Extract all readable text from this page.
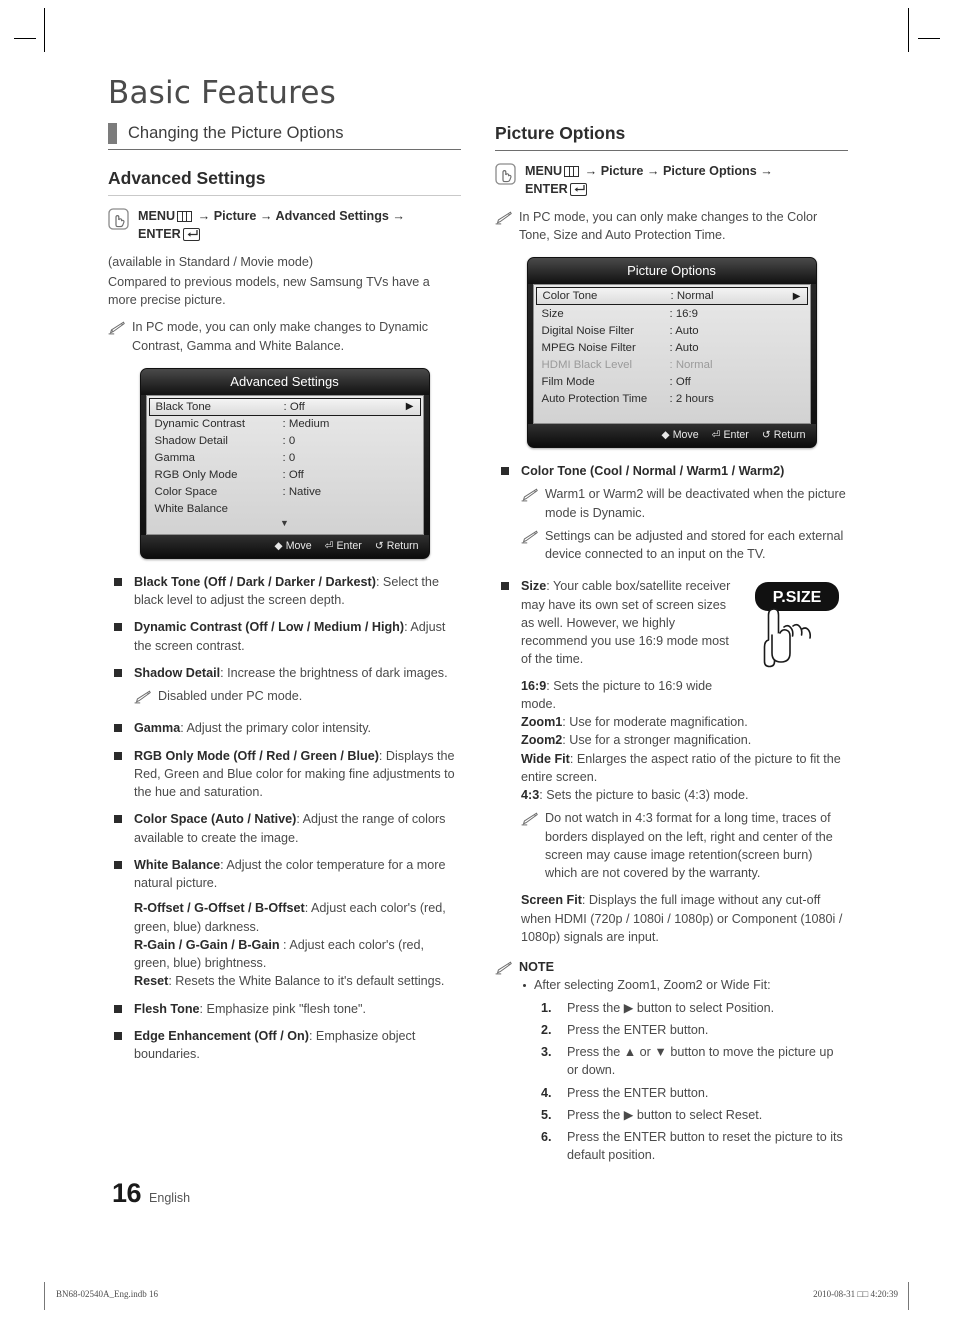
Basic Features
Changing the Picture Options
Advanced Settings
MENU → Picture → Advanced Settings →
ENTER

(available in Standard / Movie mode)

Compared to previous models, new Samsung TVs have a more precise picture.

In PC mode, you can only make changes to Dynamic Contrast, Gamma and White Balance.
Advanced Settings
Black Tone	: Off	▶
Dynamic Contrast	: Medium
Shadow Detail	: 0
Gamma	: 0
RGB Only Mode	: Off
Color Space	: Native
White Balance
▼
◆ Move ⏎ Enter ↺ Return
Black Tone (Off / Dark / Darker / Darkest): Select the black level to adjust the screen depth.
Dynamic Contrast (Off / Low / Medium / High): Adjust the screen contrast.
Shadow Detail: Increase the brightness of dark images.
Disabled under PC mode.
Gamma: Adjust the primary color intensity.
RGB Only Mode (Off / Red / Green / Blue): Displays the Red, Green and Blue color for making fine adjustments to the hue and saturation.
Color Space (Auto / Native): Adjust the range of colors available to create the image.
White Balance: Adjust the color temperature for a more natural picture.
R-Offset / G-Offset / B-Offset: Adjust each color's (red, green, blue) darkness.
R-Gain / G-Gain / B-Gain : Adjust each color's (red, green, blue) brightness.
Reset: Resets the White Balance to it's default settings.
Flesh Tone: Emphasize pink "flesh tone".
Edge Enhancement (Off / On): Emphasize object boundaries.
Picture Options
MENU → Picture → Picture Options →
ENTER
In PC mode, you can only make changes to the Color Tone, Size and Auto Protection Time.
Picture Options
Color Tone	: Normal	▶
Size	: 16:9
Digital Noise Filter	: Auto
MPEG Noise Filter	: Auto
HDMI Black Level	: Normal
Film Mode	: Off
Auto Protection Time	: 2 hours
◆ Move ⏎ Enter ↺ Return
Color Tone (Cool / Normal / Warm1 / Warm2)
Warm1 or Warm2 will be deactivated when the picture mode is Dynamic.
Settings can be adjusted and stored for each external device connected to an input on the TV.
P.SIZE
Size: Your cable box/satellite receiver may have its own set of screen sizes as well. However, we highly recommend you use 16:9 mode most of the time.
16:9: Sets the picture to 16:9 wide mode.
Zoom1: Use for moderate magnification.
Zoom2: Use for a stronger magnification.
Wide Fit: Enlarges the aspect ratio of the picture to fit the entire screen.
4:3: Sets the picture to basic (4:3) mode.
Do not watch in 4:3 format for a long time, traces of borders displayed on the left, right and center of the screen may cause image retention(screen burn) which are not covered by the warranty.
Screen Fit: Displays the full image without any cut-off when HDMI (720p / 1080i / 1080p) or Component (1080i / 1080p) signals are input.
NOTE
After selecting Zoom1, Zoom2 or Wide Fit:
1.	Press the ▶ button to select Position.
2.	Press the ENTER button.
3.	Press the ▲ or ▼ button to move the picture up or down.
4.	Press the ENTER button.
5.	Press the ▶ button to select Reset.
6.	Press the ENTER button to reset the picture to its default position.
16 English
BN68-02540A_Eng.indb 16	2010-08-31 □□ 4:20:39
